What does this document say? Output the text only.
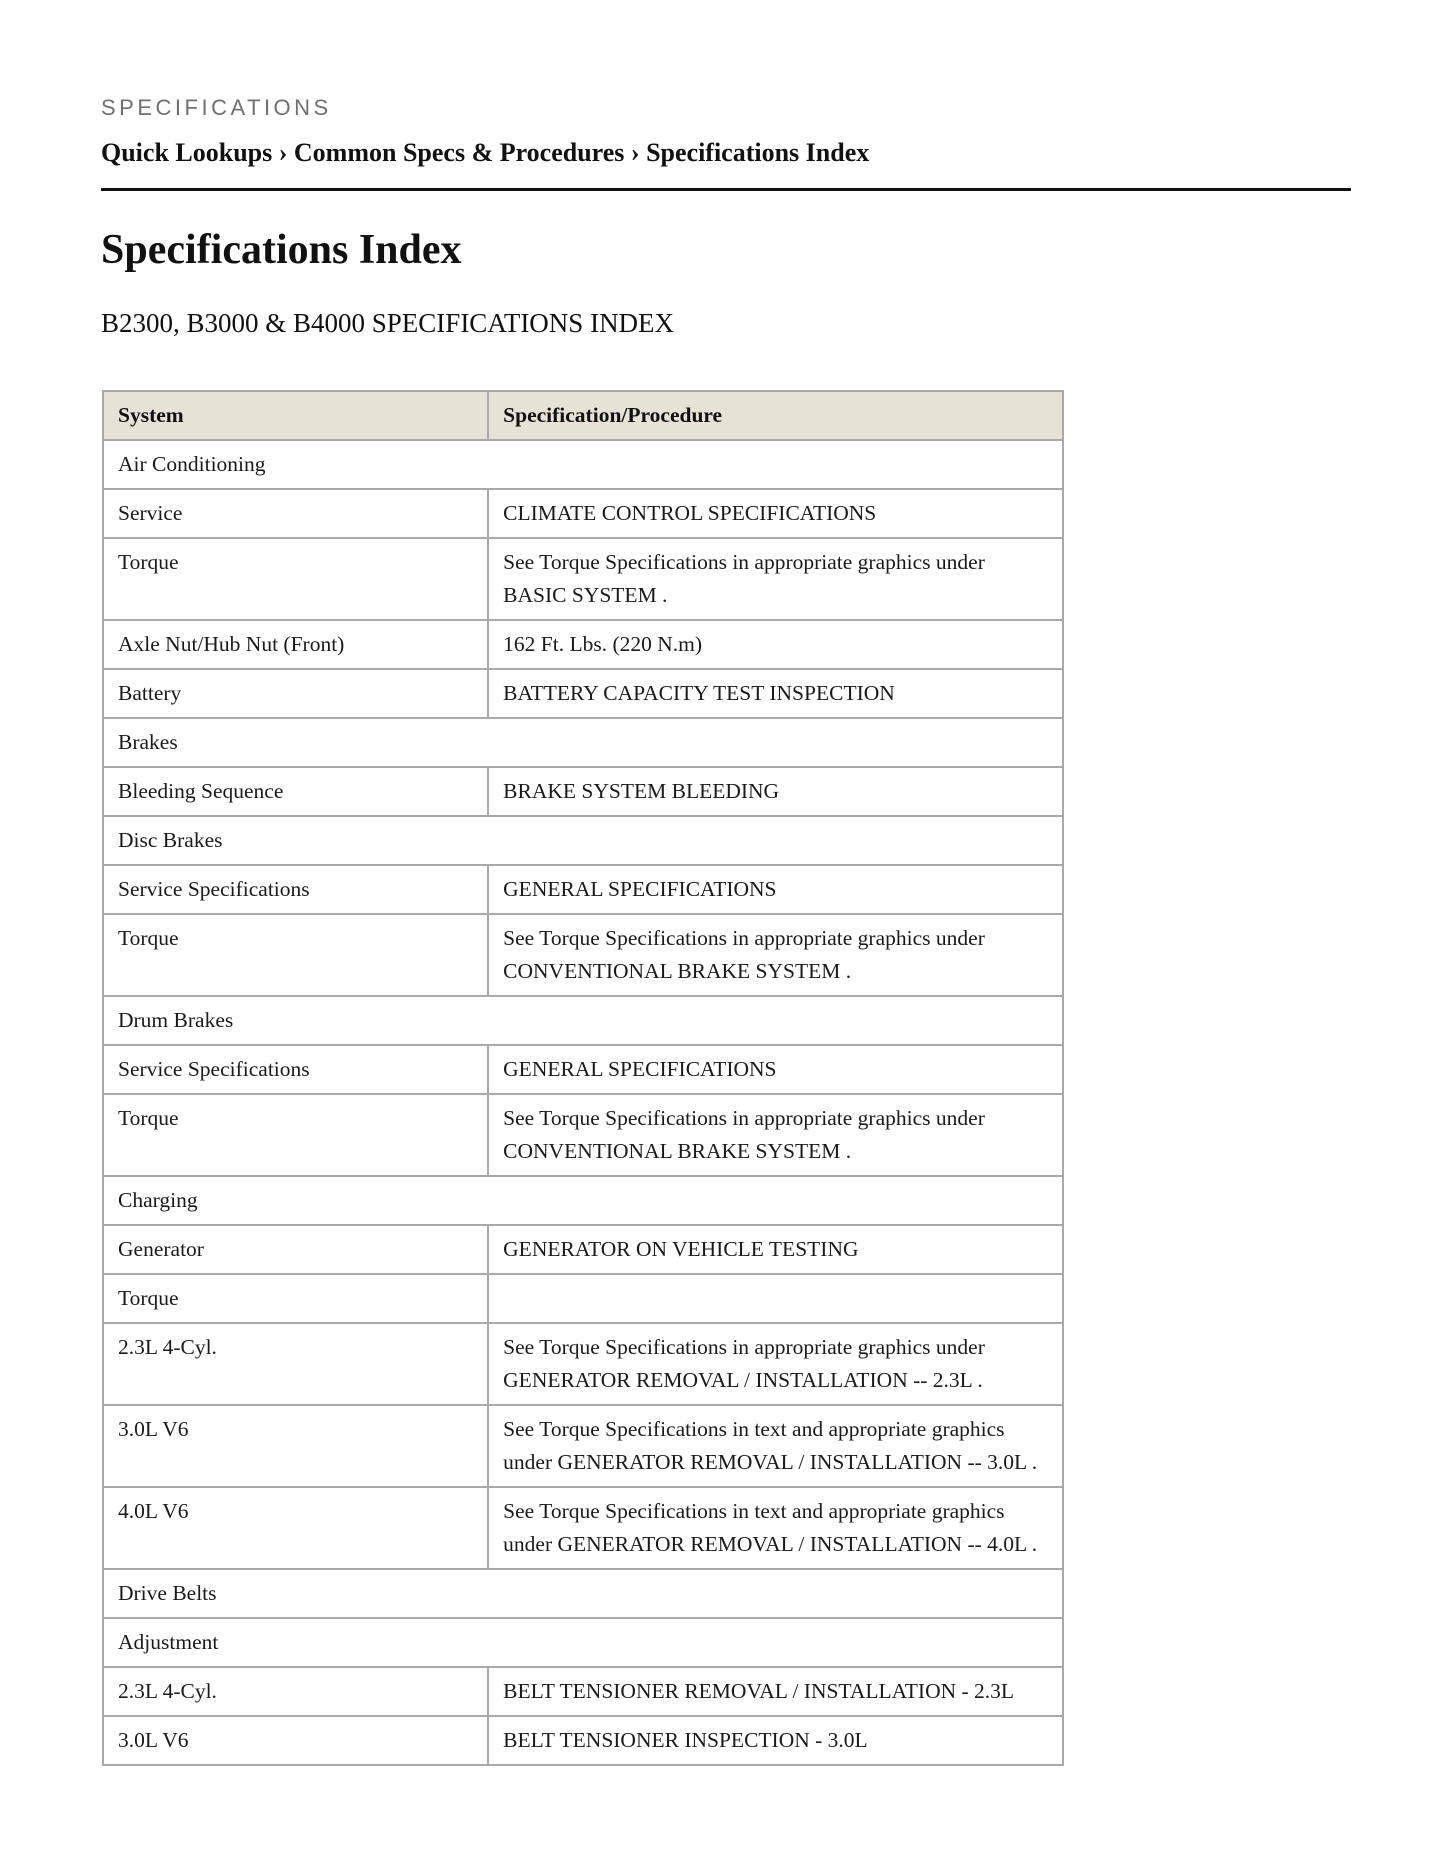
SPECIFICATIONS
Quick Lookups › Common Specs & Procedures › Specifications Index
Specifications Index
B2300, B3000 & B4000 SPECIFICATIONS INDEX
System	Specification/Procedure
Air Conditioning	
Service	CLIMATE CONTROL SPECIFICATIONS
Torque	See Torque Specifications in appropriate graphics under BASIC SYSTEM .
Axle Nut/Hub Nut (Front)	162 Ft. Lbs. (220 N.m)
Battery	BATTERY CAPACITY TEST INSPECTION
Brakes	
Bleeding Sequence	BRAKE SYSTEM BLEEDING
Disc Brakes	
Service Specifications	GENERAL SPECIFICATIONS
Torque	See Torque Specifications in appropriate graphics under CONVENTIONAL BRAKE SYSTEM .
Drum Brakes	
Service Specifications	GENERAL SPECIFICATIONS
Torque	See Torque Specifications in appropriate graphics under CONVENTIONAL BRAKE SYSTEM .
Charging	
Generator	GENERATOR ON VEHICLE TESTING
Torque	
2.3L 4-Cyl.	See Torque Specifications in appropriate graphics under GENERATOR REMOVAL / INSTALLATION -- 2.3L .
3.0L V6	See Torque Specifications in text and appropriate graphics under GENERATOR REMOVAL / INSTALLATION -- 3.0L .
4.0L V6	See Torque Specifications in text and appropriate graphics under GENERATOR REMOVAL / INSTALLATION -- 4.0L .
Drive Belts	
Adjustment	
2.3L 4-Cyl.	BELT TENSIONER REMOVAL / INSTALLATION - 2.3L
3.0L V6	BELT TENSIONER INSPECTION - 3.0L
